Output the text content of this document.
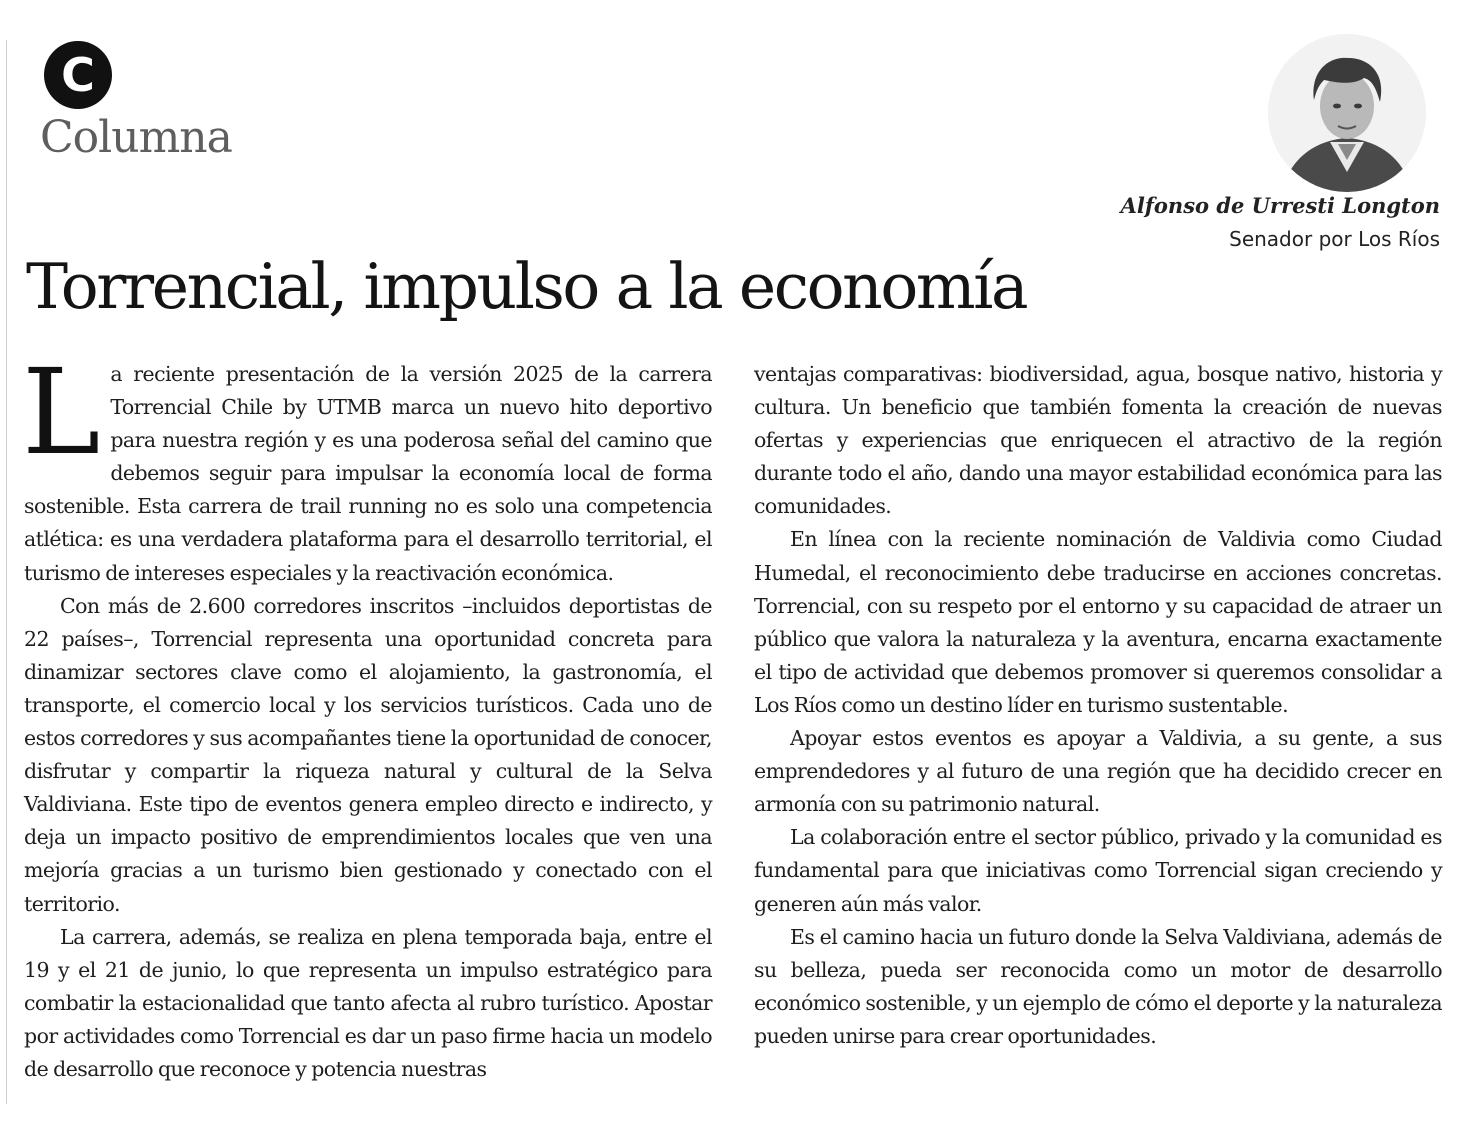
C
Columna
Alfonso de Urresti Longton
Senador por Los Ríos
Torrencial, impulso a la economía

La reciente presentación de la versión 2025 de la carrera Torrencial Chile by UTMB marca un nuevo hito deportivo para nuestra región y es una poderosa señal del camino que debemos seguir para impulsar la economía local de forma sostenible. Esta carrera de trail running no es solo una competencia atlética: es una verdadera plataforma para el desarrollo territorial, el turismo de intereses especiales y la reactivación económica.

Con más de 2.600 corredores inscritos –incluidos deportistas de 22 países–, Torrencial representa una oportunidad concreta para dinamizar sectores clave como el alojamiento, la gastronomía, el transporte, el comercio local y los servicios turísticos. Cada uno de estos corredores y sus acompañantes tiene la oportunidad de conocer, disfrutar y compartir la riqueza natural y cultural de la Selva Valdiviana. Este tipo de eventos genera empleo directo e indirecto, y deja un impacto positivo de emprendimientos locales que ven una mejoría gracias a un turismo bien gestionado y conectado con el territorio.

La carrera, además, se realiza en plena temporada baja, entre el 19 y el 21 de junio, lo que representa un impulso estratégico para combatir la estacionalidad que tanto afecta al rubro turístico. Apostar por actividades como Torrencial es dar un paso firme hacia un modelo de desarrollo que reconoce y potencia nuestras

ventajas comparativas: biodiversidad, agua, bosque nativo, historia y cultura. Un beneficio que también fomenta la creación de nuevas ofertas y experiencias que enriquecen el atractivo de la región durante todo el año, dando una mayor estabilidad económica para las comunidades.

En línea con la reciente nominación de Valdivia como Ciudad Humedal, el reconocimiento debe traducirse en acciones concretas. Torrencial, con su respeto por el entorno y su capacidad de atraer un público que valora la naturaleza y la aventura, encarna exactamente el tipo de actividad que debemos promover si queremos consolidar a Los Ríos como un destino líder en turismo sustentable.

Apoyar estos eventos es apoyar a Valdivia, a su gente, a sus emprendedores y al futuro de una región que ha decidido crecer en armonía con su patrimonio natural.

La colaboración entre el sector público, privado y la comunidad es fundamental para que iniciativas como Torrencial sigan creciendo y generen aún más valor.

Es el camino hacia un futuro donde la Selva Valdiviana, además de su belleza, pueda ser reconocida como un motor de desarrollo económico sostenible, y un ejemplo de cómo el deporte y la naturaleza pueden unirse para crear oportunidades.
